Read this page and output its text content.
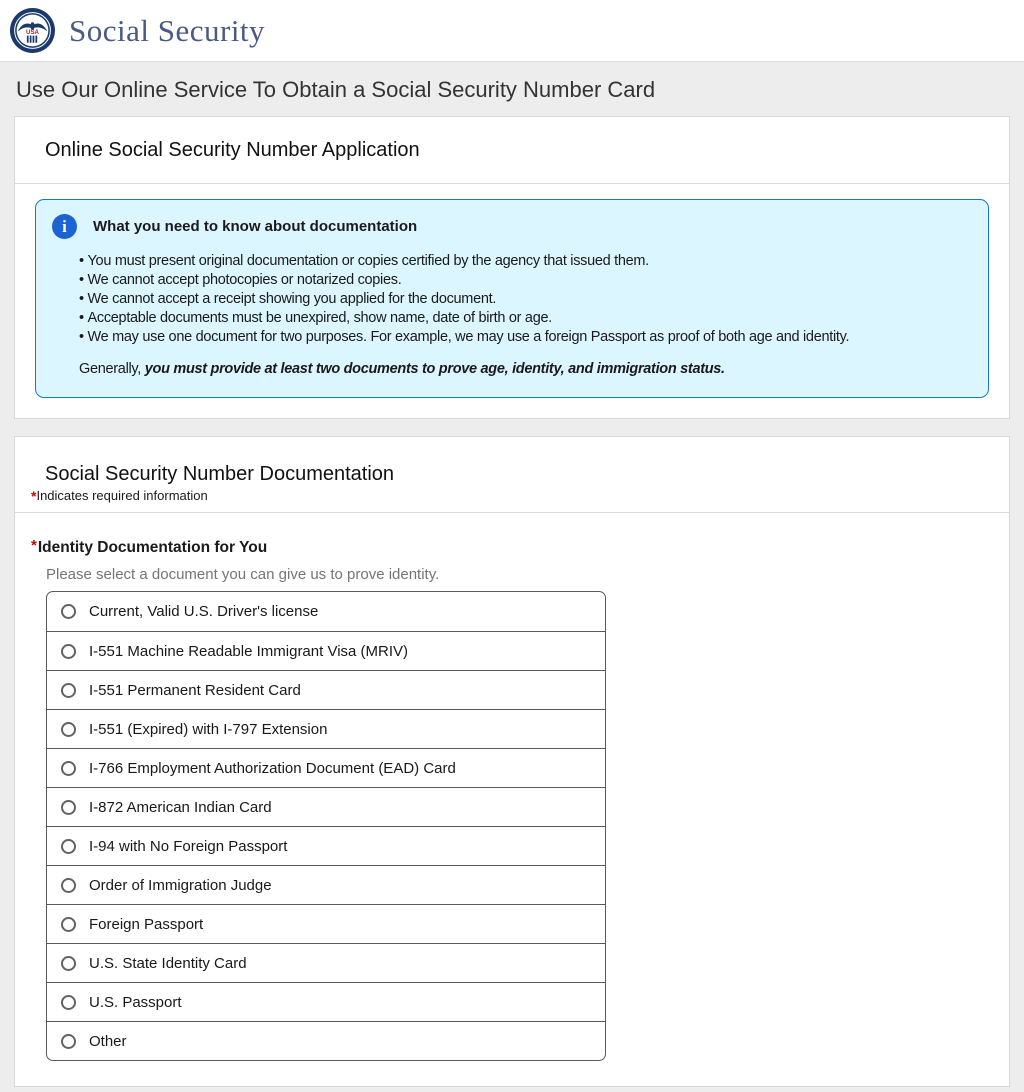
USA Social Security
Use Our Online Service To Obtain a Social Security Number Card
Online Social Security Number Application
i	What you need to know about documentation
• You must present original documentation or copies certified by the agency that issued them.
• We cannot accept photocopies or notarized copies.
• We cannot accept a receipt showing you applied for the document.
• Acceptable documents must be unexpired, show name, date of birth or age.
• We may use one document for two purposes. For example, we may use a foreign Passport as proof of both age and identity.

Generally, you must provide at least two documents to prove age, identity, and immigration status.

Social Security Number Documentation
*Indicates required information
*Identity Documentation for You
Please select a document you can give us to prove identity.
Current, Valid U.S. Driver's license
I-551 Machine Readable Immigrant Visa (MRIV)
I-551 Permanent Resident Card
I-551 (Expired) with I-797 Extension
I-766 Employment Authorization Document (EAD) Card
I-872 American Indian Card
I-94 with No Foreign Passport
Order of Immigration Judge
Foreign Passport
U.S. State Identity Card
U.S. Passport
Other
